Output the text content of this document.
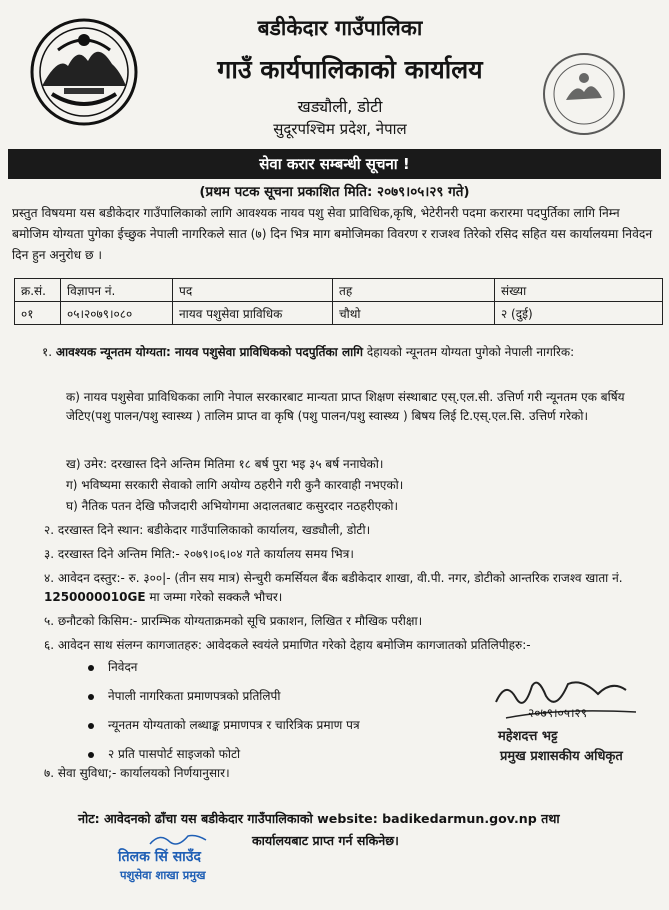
बडीकेदार गाउँपालिका
गाउँ कार्यपालिकाको कार्यालय
खड्यौली, डोटी
सुदूरपश्चिम प्रदेश, नेपाल
सेवा करार सम्बन्धी सूचना !
(प्रथम पटक सूचना प्रकाशित मिति: २०७९।०५।२९ गते)
प्रस्तुत विषयमा यस बडीकेदार गाउँपालिकाको लागि आवश्यक नायव पशु सेवा प्राविधिक,कृषि, भेटेरीनरी पदमा करारमा पदपुर्तिका लागि निम्न बमोजिम योग्यता पुगेका ईच्छुक नेपाली नागरिकले सात (७) दिन भित्र माग बमोजिमका विवरण र राजश्व तिरेको रसिद सहित यस कार्यालयमा निवेदन दिन हुन अनुरोध छ ।
क्र.सं.	विज्ञापन नं.	पद	तह	संख्या
०१	०५।२०७९।०८०	नायव पशुसेवा प्राविधिक	चौथो	२ (दुई)
१. आवश्यक न्यूनतम योग्यता: नायव पशुसेवा प्राविधिकको पदपुर्तिका लागि देहायको न्यूनतम योग्यता पुगेको नेपाली नागरिक:
क) नायव पशुसेवा प्राविधिकका लागि नेपाल सरकारबाट मान्यता प्राप्त शिक्षण संस्थाबाट एस्.एल.सी. उत्तिर्ण गरी न्यूनतम एक बर्षिय जेटिए(पशु पालन/पशु स्वास्थ्य ) तालिम प्राप्त वा कृषि (पशु पालन/पशु स्वास्थ्य ) बिषय लिई टि.एस्.एल.सि. उत्तिर्ण गरेको।
ख) उमेर: दरखास्त दिने अन्तिम मितिमा १८ बर्ष पुरा भइ ३५ बर्ष ननाघेको।
ग) भविष्यमा सरकारी सेवाको लागि अयोग्य ठहरीने गरी कुनै कारवाही नभएको।
घ) नैतिक पतन देखि फौजदारी अभियोगमा अदालतबाट कसुरदार नठहरीएको।
२. दरखास्त दिने स्थान: बडीकेदार गाउँपालिकाको कार्यालय, खड्यौली, डोटी।
३. दरखास्त दिने अन्तिम मिति:- २०७९।०६।०४ गते कार्यालय समय भित्र।
४. आवेदन दस्तुर:- रु. ३००|- (तीन सय मात्र) सेन्चुरी कमर्सियल बैंक बडीकेदार शाखा, वी.पी. नगर, डोटीको आन्तरिक राजश्व खाता नं. 1250000010GE मा जम्मा गरेको सक्कलै भौचर।
५. छनौटको किसिम:- प्रारम्भिक योग्यताक्रमको सूचि प्रकाशन, लिखित र मौखिक परीक्षा।
६. आवेदन साथ संलग्न कागजातहरु: आवेदकले स्वयंले प्रमाणित गरेको देहाय बमोजिम कागजातको प्रतिलिपीहरु:-
निवेदन
नेपाली नागरिकता प्रमाणपत्रको प्रतिलिपी
न्यूनतम योग्यताको लब्धाङ्क प्रमाणपत्र र चारित्रिक प्रमाण पत्र
२ प्रति पासपोर्ट साइजको फोटो
७. सेवा सुविधा;- कार्यालयको निर्णयानुसार।
२०७९।०५।२९
महेशदत्त भट्ट
प्रमुख प्रशासकीय अधिकृत
नोट: आवेदनको ढाँचा यस बडीकेदार गाउँपालिकाको website: badikedarmun.gov.np तथा
कार्यालयबाट प्राप्त गर्न सकिनेछ।
तिलक सिं साउँद
पशुसेवा शाखा प्रमुख
